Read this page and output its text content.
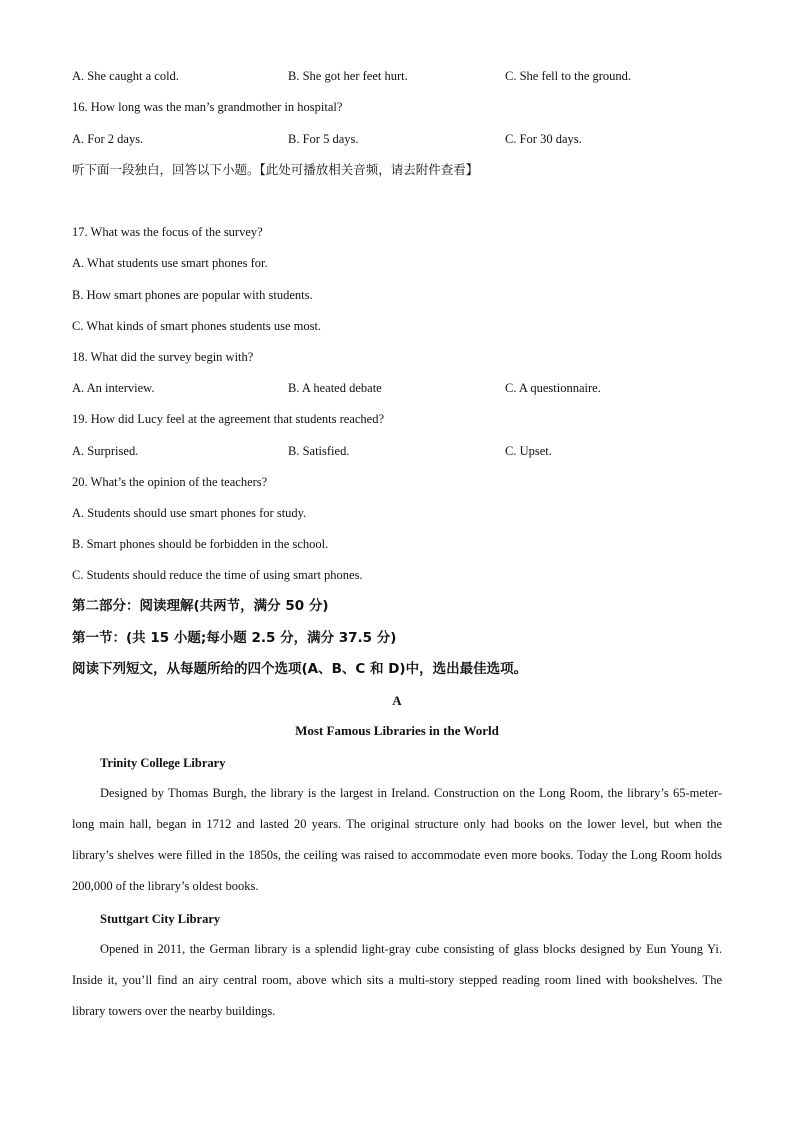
A. She caught a cold.	B. She got her feet hurt.	C. She fell to the ground.
16. How long was the man’s grandmother in hospital?
A. For 2 days.	B. For 5 days.	C. For 30 days.
听下面一段独白，回答以下小题。【此处可播放相关音频，请去附件查看】
17. What was the focus of the survey?
A. What students use smart phones for.
B. How smart phones are popular with students.
C. What kinds of smart phones students use most.
18. What did the survey begin with?
A. An interview.	B. A heated debate	C. A questionnaire.
19. How did Lucy feel at the agreement that students reached?
A. Surprised.	B. Satisfied.	C. Upset.
20. What’s the opinion of the teachers?
A. Students should use smart phones for study.
B. Smart phones should be forbidden in the school.
C. Students should reduce the time of using smart phones.
第二部分：阅读理解(共两节，满分 50 分)
第一节：(共 15 小题;每小题 2.5 分，满分 37.5 分)
阅读下列短文，从每题所给的四个选项(A、B、C 和 D)中，选出最佳选项。
A
Most Famous Libraries in the World
Trinity College Library
Designed by Thomas Burgh, the library is the largest in Ireland. Construction on the Long Room, the library’s 65-meter-long main hall, began in 1712 and lasted 20 years. The original structure only had books on the lower level, but when the library’s shelves were filled in the 1850s, the ceiling was raised to accommodate even more books. Today the Long Room holds 200,000 of the library’s oldest books.
Stuttgart City Library
Opened in 2011, the German library is a splendid light-gray cube consisting of glass blocks designed by Eun Young Yi. Inside it, you’ll find an airy central room, above which sits a multi-story stepped reading room lined with bookshelves. The library towers over the nearby buildings.
